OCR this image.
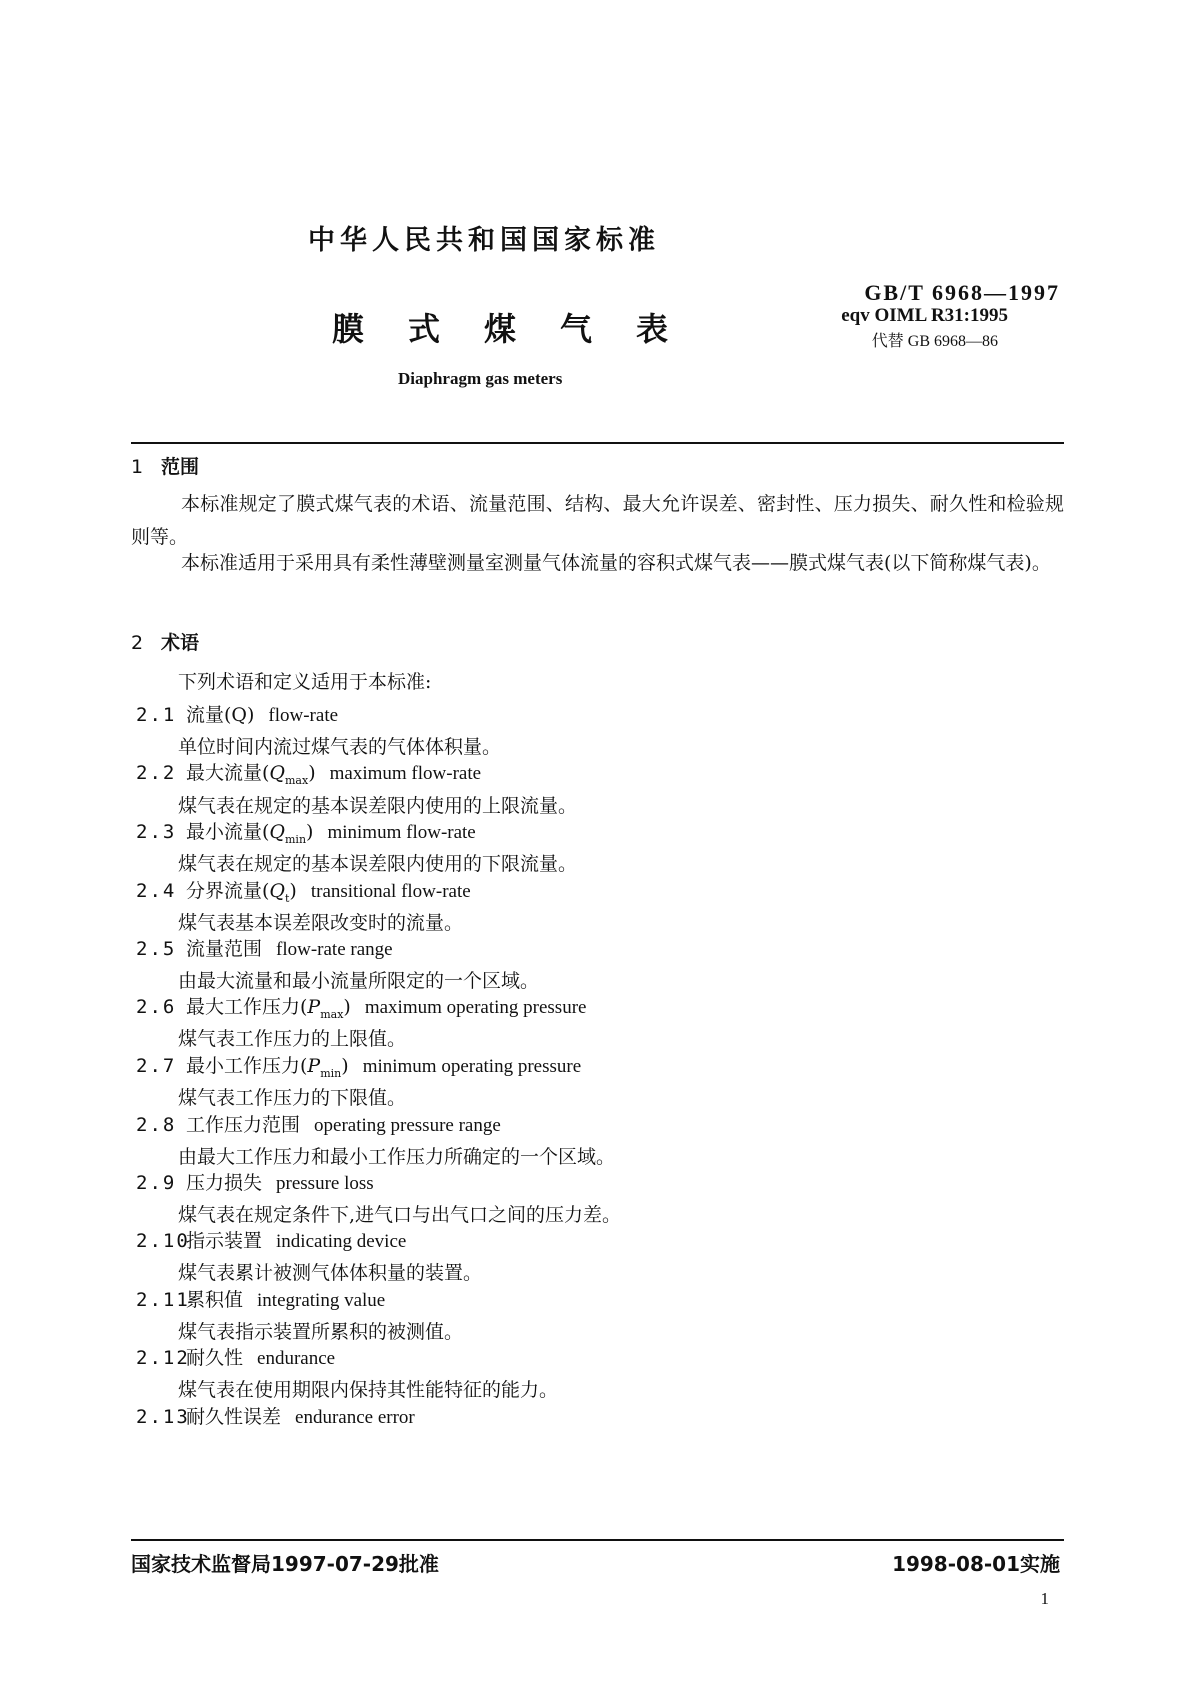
中华人民共和国国家标准
膜式煤气表
Diaphragm gas meters
GB/T 6968—1997
eqv OIML R31:1995
代替 GB 6968—86
1 范围
本标准规定了膜式煤气表的术语、流量范围、结构、最大允许误差、密封性、压力损失、耐久性和检验规则等。
本标准适用于采用具有柔性薄壁测量室测量气体流量的容积式煤气表——膜式煤气表(以下简称煤气表)。
2 术语
下列术语和定义适用于本标准:
2.1 流量(Q) flow-rate
单位时间内流过煤气表的气体体积量。
2.2 最大流量$(Q_{max})$ maximum flow-rate
煤气表在规定的基本误差限内使用的上限流量。
2.3 最小流量$(Q_{min})$ minimum flow-rate
煤气表在规定的基本误差限内使用的下限流量。
2.4 分界流量$(Q_t)$ transitional flow-rate
煤气表基本误差限改变时的流量。
2.5 流量范围 flow-rate range
由最大流量和最小流量所限定的一个区域。
2.6 最大工作压力$(P_{max})$ maximum operating pressure
煤气表工作压力的上限值。
2.7 最小工作压力$(P_{min})$ minimum operating pressure
煤气表工作压力的下限值。
2.8 工作压力范围 operating pressure range
由最大工作压力和最小工作压力所确定的一个区域。
2.9 压力损失 pressure loss
煤气表在规定条件下,进气口与出气口之间的压力差。
2.10指示装置 indicating device
煤气表累计被测气体体积量的装置。
2.11累积值 integrating value
煤气表指示装置所累积的被测值。
2.12耐久性 endurance
煤气表在使用期限内保持其性能特征的能力。
2.13耐久性误差 endurance error
国家技术监督局1997-07-29批准	1998-08-01实施
1
